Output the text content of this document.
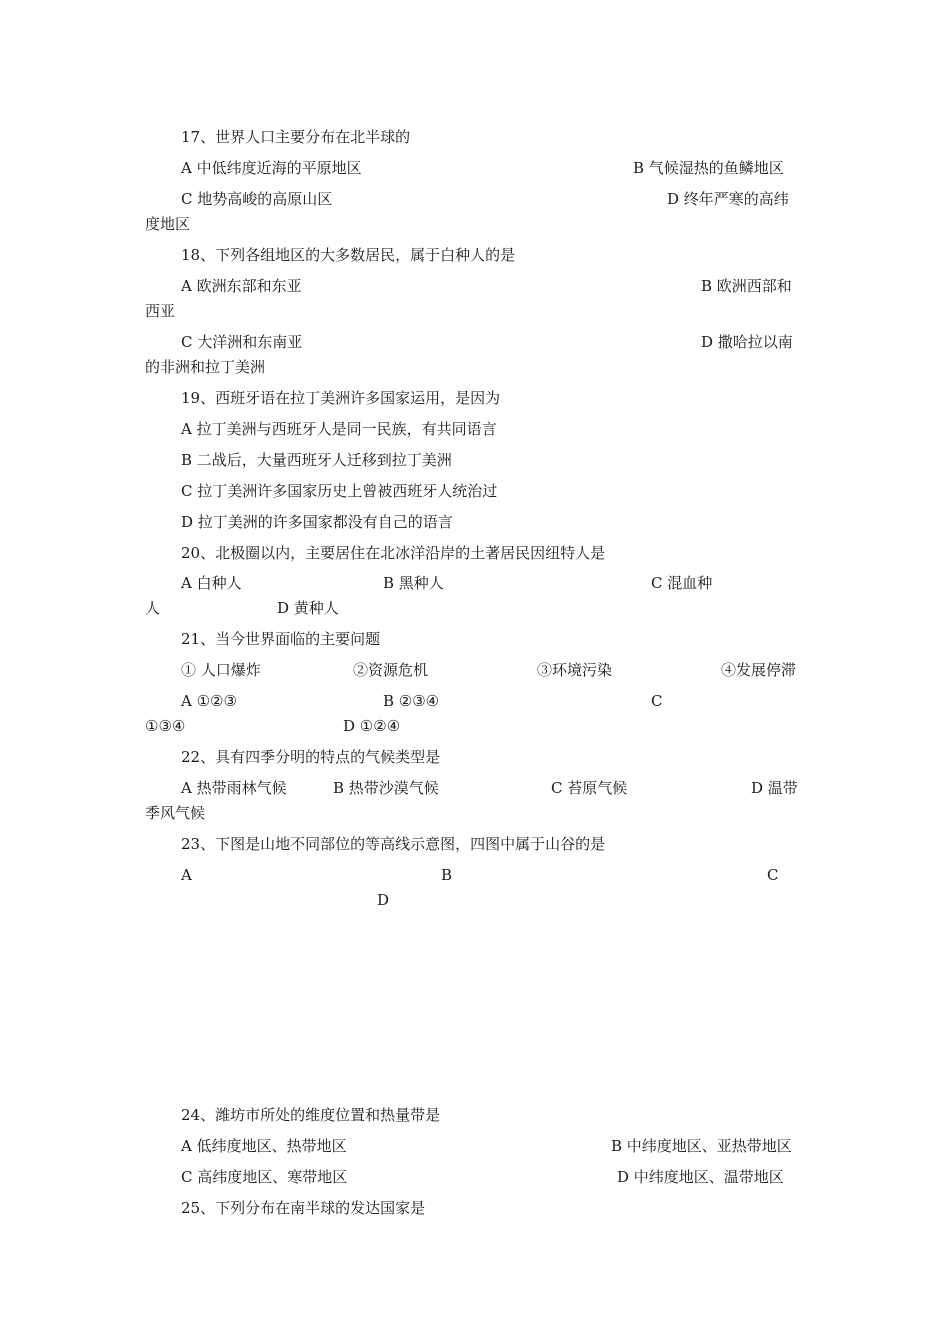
17、世界人口主要分布在北半球的
A 中低纬度近海的平原地区	B 气候湿热的鱼鳞地区
C 地势高峻的高原山区	D 终年严寒的高纬
度地区
18、下列各组地区的大多数居民，属于白种人的是
A 欧洲东部和东亚	B 欧洲西部和
西亚
C 大洋洲和东南亚	D 撒哈拉以南
的非洲和拉丁美洲
19、西班牙语在拉丁美洲许多国家运用，是因为
A 拉丁美洲与西班牙人是同一民族，有共同语言
B 二战后，大量西班牙人迁移到拉丁美洲
C 拉丁美洲许多国家历史上曾被西班牙人统治过
D 拉丁美洲的许多国家都没有自己的语言
20、北极圈以内，主要居住在北冰洋沿岸的土著居民因纽特人是
A 白种人	B 黑种人	C 混血种
人	D 黄种人
21、当今世界面临的主要问题
① 人口爆炸	②资源危机	③环境污染	④发展停滞
A ①②③	B ②③④	C
①③④	D ①②④
22、具有四季分明的特点的气候类型是
A 热带雨林气候	B 热带沙漠气候	C 苔原气候	D 温带
季风气候
23、下图是山地不同部位的等高线示意图，四图中属于山谷的是
A	B	C
D
24、潍坊市所处的维度位置和热量带是
A 低纬度地区、热带地区	B 中纬度地区、亚热带地区
C 高纬度地区、寒带地区	D 中纬度地区、温带地区
25、下列分布在南半球的发达国家是
